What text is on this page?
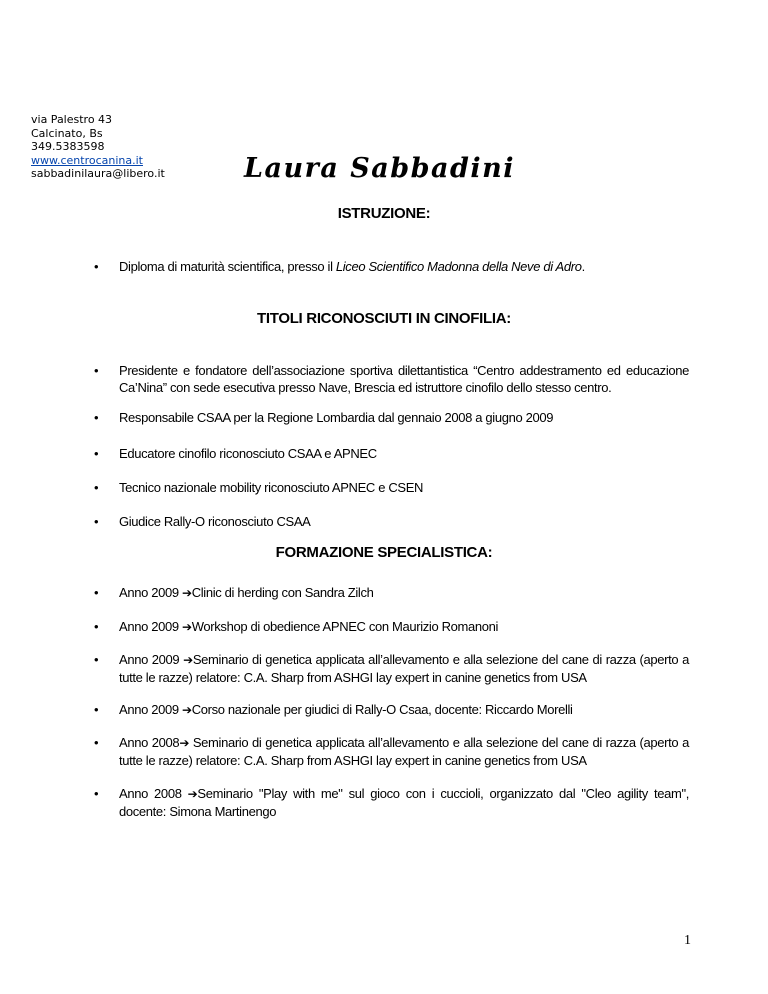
via Palestro 43
Calcinato, Bs
349.5383598
www.centrocanina.it
sabbadinilaura@libero.it	Laura Sabbadini
ISTRUZIONE:
• Diploma di maturità scientifica, presso il Liceo Scientifico Madonna della Neve di Adro.
TITOLI RICONOSCIUTI IN CINOFILIA:
• Presidente e fondatore dell’associazione sportiva dilettantistica “Centro addestramento ed educazione Ca’Nina” con sede esecutiva presso Nave, Brescia ed istruttore cinofilo dello stesso centro.
• Responsabile CSAA per la Regione Lombardia dal gennaio 2008 a giugno 2009
• Educatore cinofilo riconosciuto CSAA e APNEC
• Tecnico nazionale mobility riconosciuto APNEC e CSEN
• Giudice Rally-O riconosciuto CSAA
FORMAZIONE SPECIALISTICA:
• Anno 2009 ➔Clinic di herding con Sandra Zilch
• Anno 2009 ➔Workshop di obedience APNEC con Maurizio Romanoni
• Anno 2009 ➔Seminario di genetica applicata all’allevamento e alla selezione del cane di razza (aperto a tutte le razze) relatore: C.A. Sharp from ASHGI lay expert in canine genetics from USA
• Anno 2009 ➔Corso nazionale per giudici di Rally-O Csaa, docente: Riccardo Morelli
• Anno 2008➔ Seminario di genetica applicata all’allevamento e alla selezione del cane di razza (aperto a tutte le razze) relatore: C.A. Sharp from ASHGI lay expert in canine genetics from USA
• Anno 2008 ➔Seminario "Play with me" sul gioco con i cuccioli, organizzato dal "Cleo agility team", docente: Simona Martinengo
1
